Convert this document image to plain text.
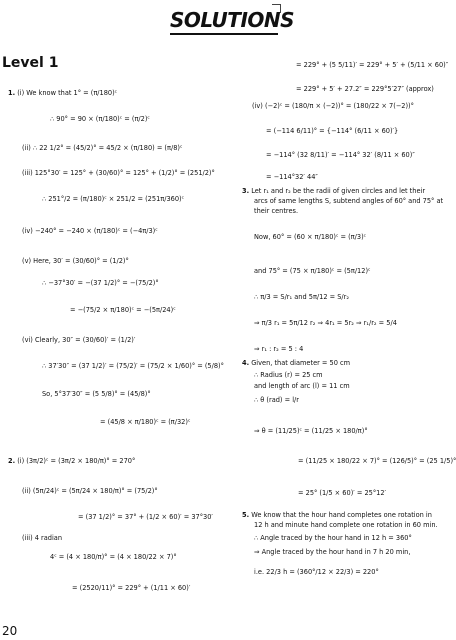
SOLUTIONS
Level 1
1. (i) We know that 1° = (π/180)ᶜ
∴ 90° = 90 × (π/180)ᶜ = (π/2)ᶜ
(ii) ∴ 22 1/2° = (45/2)° = 45/2 × (π/180) = (π/8)ᶜ
(iii) 125°30′ = 125° + (30/60)° = 125° + (1/2)° = (251/2)°
∴ 251°/2 = (π/180)ᶜ × 251/2 = (251π/360)ᶜ
(iv) −240° = −240 × (π/180)ᶜ = (−4π/3)ᶜ
(v) Here, 30′ = (30/60)° = (1/2)°
∴ −37°30′ = −(37 1/2)° = −(75/2)°
= −(75/2 × π/180)ᶜ = −(5π/24)ᶜ
(vi) Clearly, 30″ = (30/60)′ = (1/2)′
∴ 37′30″ = (37 1/2)′ = (75/2)′ = (75/2 × 1/60)° = (5/8)°
So, 5°37′30″ = (5 5/8)° = (45/8)°
= (45/8 × π/180)ᶜ = (π/32)ᶜ
2. (i) (3π/2)ᶜ = (3π/2 × 180/π)° = 270°
(ii) (5π/24)ᶜ = (5π/24 × 180/π)° = (75/2)°
= (37 1/2)° = 37° + (1/2 × 60)′ = 37°30′
(iii) 4 radian
4ᶜ = (4 × 180/π)° = (4 × 180/22 × 7)°
= (2520/11)° = 229° + (1/11 × 60)′
= 229° + (5 5/11)′ = 229° + 5′ + (5/11 × 60)″
= 229° + 5′ + 27.2″ = 229°5′27″ (approx)
(iv) (−2)ᶜ = (180/π × (−2))° = (180/22 × 7(−2))°
= (−114 6/11)° = {−114° (6/11 × 60)′}
= −114° (32 8/11)′ = −114° 32′ (8/11 × 60)″
= −114°32′ 44″
3. Let r₁ and r₂ be the radii of given circles and let their
arcs of same lengths S, subtend angles of 60° and 75° at
their centres.
Now, 60° = (60 × π/180)ᶜ = (π/3)ᶜ
and 75° = (75 × π/180)ᶜ = (5π/12)ᶜ
∴ π/3 = S/r₁ and 5π/12 = S/r₂
⇒ π/3 r₁ = 5π/12 r₂ ⇒ 4r₁ = 5r₂ ⇒ r₁/r₂ = 5/4
⇒ r₁ : r₂ = 5 : 4
4. Given, that diameter = 50 cm
∴ Radius (r) = 25 cm
and length of arc (l) = 11 cm
∴ θ (rad) = l/r
⇒ θ = (11/25)ᶜ = (11/25 × 180/π)°
= (11/25 × 180/22 × 7)° = (126/5)° = (25 1/5)°
= 25° (1/5 × 60)′ = 25°12′
5. We know that the hour hand completes one rotation in
12 h and minute hand complete one rotation in 60 min.
∴ Angle traced by the hour hand in 12 h = 360°
⇒ Angle traced by the hour hand in 7 h 20 min,
i.e. 22/3 h = (360°/12 × 22/3) = 220°
20
